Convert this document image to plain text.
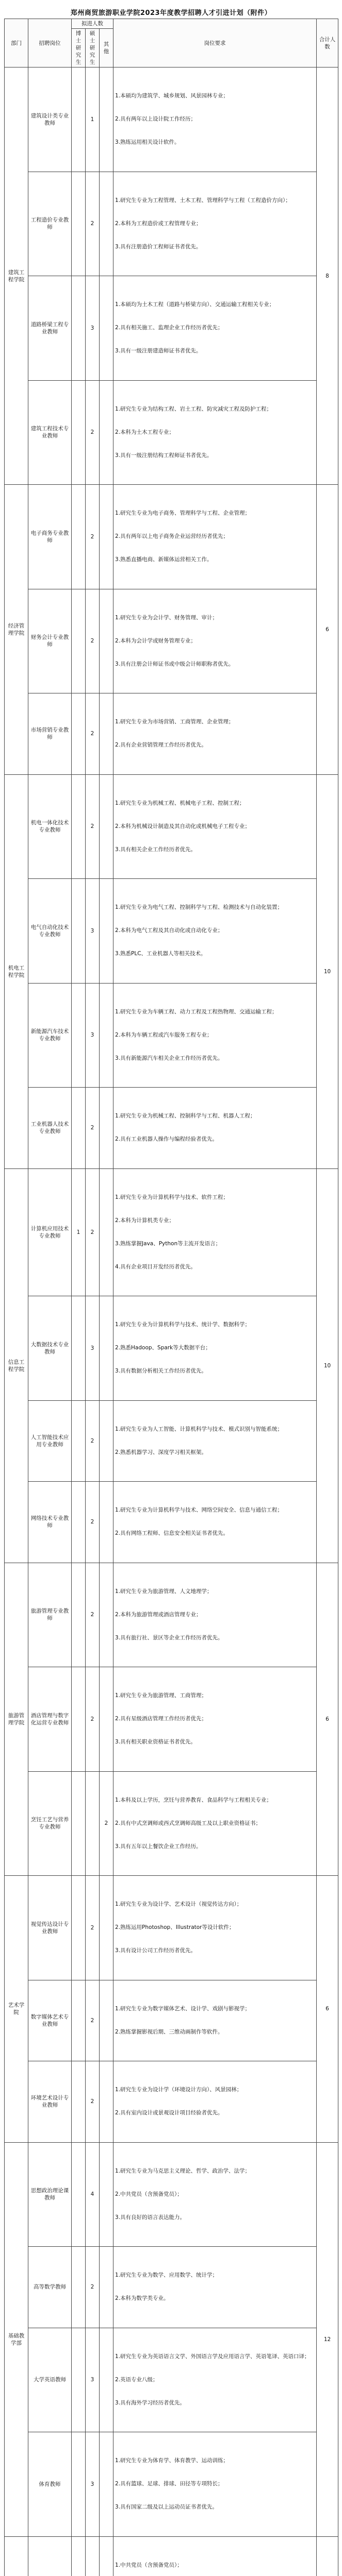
郑州商贸旅游职业学院2023年度教学招聘人才引进计划（附件）
部门	招聘岗位	拟进人数			岗位要求	合计人数
		博士研究生	硕士研究生	其他		
建筑工程学院	建筑设计类专业教师		1		1.本硕均为建筑学、城乡规划、风景园林专业；
2.具有两年以上设计院工作经历；
3.熟练运用相关设计软件。	8
	工程造价专业教师		2		1.研究生专业为工程管理、土木工程、管理科学与工程（工程造价方向）；
2.本科为工程造价或工程管理专业；
3.具有注册造价工程师证书者优先。	

	道路桥梁工程专业教师		3		1.本硕均为土木工程（道路与桥梁方向）、交通运输工程相关专业；
2.具有相关施工、监理企业工作经历者优先；
3.具有一级注册建造师证书者优先。	

	建筑工程技术专业教师		2		1.研究生专业为结构工程、岩土工程、防灾减灾工程及防护工程；
2.本科为土木工程专业；
3.具有一级注册结构工程师证书者优先。	

经济管理学院	电子商务专业教师		2		1.研究生专业为电子商务、管理科学与工程、企业管理；
2.具有两年以上电子商务企业运营经历者优先；
3.熟悉直播电商、新媒体运营相关工作。	6
	财务会计专业教师		2		1.研究生专业为会计学、财务管理、审计；
2.本科为会计学或财务管理专业；
3.具有注册会计师证书或中级会计师职称者优先。	

	市场营销专业教师		2		1.研究生专业为市场营销、工商管理、企业管理；
2.具有企业营销管理工作经历者优先。	

机电工程学院	机电一体化技术专业教师		2		1.研究生专业为机械工程、机械电子工程、控制工程；
2.本科为机械设计制造及其自动化或机械电子工程专业；
3.具有相关企业工作经历者优先。	10
	电气自动化技术专业教师		3		1.研究生专业为电气工程、控制科学与工程、检测技术与自动化装置；
2.本科为电气工程及其自动化或自动化专业；
3.熟悉PLC、工业机器人等相关技术。	

	新能源汽车技术专业教师		3		1.研究生专业为车辆工程、动力工程及工程热物理、交通运输工程；
2.本科为车辆工程或汽车服务工程专业；
3.具有新能源汽车相关企业工作经历者优先。	

	工业机器人技术专业教师		2		1.研究生专业为机械工程、控制科学与工程、机器人工程；
2.具有工业机器人操作与编程经验者优先。	

信息工程学院	计算机应用技术专业教师	1	2		1.研究生专业为计算机科学与技术、软件工程；
2.本科为计算机类专业；
3.熟练掌握Java、Python等主流开发语言；
4.具有企业项目开发经历者优先。	10
	大数据技术专业教师		3		1.研究生专业为计算机科学与技术、统计学、数据科学；
2.熟悉Hadoop、Spark等大数据平台；
3.具有数据分析相关工作经历者优先。	

	人工智能技术应用专业教师		2		1.研究生专业为人工智能、计算机科学与技术、模式识别与智能系统；
2.熟悉机器学习、深度学习相关框架。	

	网络技术专业教师		2		1.研究生专业为计算机科学与技术、网络空间安全、信息与通信工程；
2.具有网络工程师、信息安全相关证书者优先。	

旅游管理学院	旅游管理专业教师		2		1.研究生专业为旅游管理、人文地理学；
2.本科为旅游管理或酒店管理专业；
3.具有旅行社、景区等企业工作经历者优先。	6
	酒店管理与数字化运营专业教师		2		1.研究生专业为旅游管理、工商管理；
2.具有星级酒店管理工作经历者优先；
3.具有相关职业资格证书者优先。	

	烹饪工艺与营养专业教师			2	1.本科及以上学历，烹饪与营养教育、食品科学与工程相关专业；
2.具有中式烹调师或西式烹调师高级工及以上职业资格证书；
3.具有五年以上餐饮企业工作经历。	

艺术学院	视觉传达设计专业教师		2		1.研究生专业为设计学、艺术设计（视觉传达方向）；
2.熟练运用Photoshop、Illustrator等设计软件；
3.具有设计公司工作经历者优先。	6
	数字媒体艺术专业教师		2		1.研究生专业为数字媒体艺术、设计学、戏剧与影视学；
2.熟练掌握影视后期、三维动画制作等软件。	

	环境艺术设计专业教师		2		1.研究生专业为设计学（环境设计方向）、风景园林；
2.具有室内设计或景观设计项目经验者优先。	

基础教学部	思想政治理论课教师		4		1.研究生专业为马克思主义理论、哲学、政治学、法学；
2.中共党员（含预备党员）；
3.具有良好的语言表达能力。	12
	高等数学教师		2		1.研究生专业为数学、应用数学、统计学；
2.本科为数学类专业。	

	大学英语教师		3		1.研究生专业为英语语言文学、外国语言学及应用语言学、英语笔译、英语口译；
2.英语专业八级；
3.具有海外学习经历者优先。	

	体育教师		3		1.研究生专业为体育学、体育教学、运动训练；
2.具有篮球、足球、排球、田径等专项特长；
3.具有国家二级及以上运动员证书者优先。	

1.中共党员（含预备党员）；
